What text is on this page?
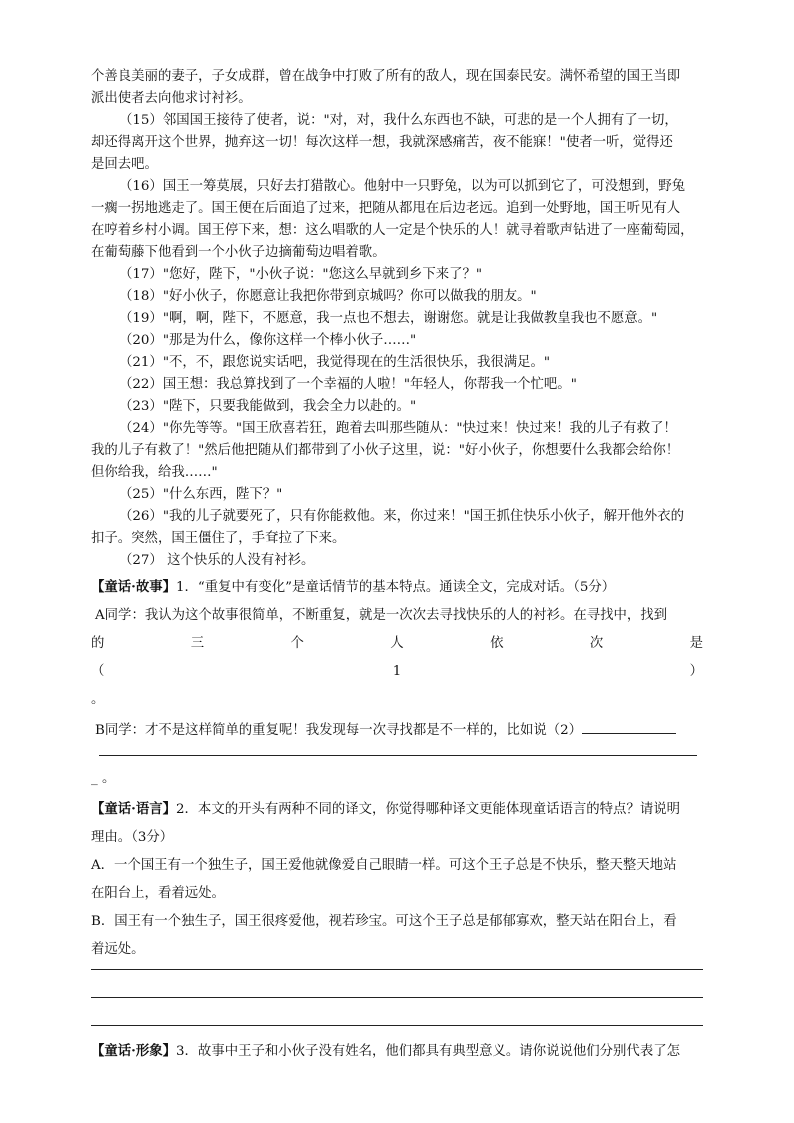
个善良美丽的妻子，子女成群，曾在战争中打败了所有的敌人，现在国泰民安。满怀希望的国王当即
派出使者去向他求讨衬衫。
（15）邻国国王接待了使者，说："对，对，我什么东西也不缺，可悲的是一个人拥有了一切，
却还得离开这个世界，抛弃这一切！每次这样一想，我就深感痛苦，夜不能寐！"使者一听，觉得还
是回去吧。
（16）国王一筹莫展，只好去打猎散心。他射中一只野兔，以为可以抓到它了，可没想到，野兔
一瘸一拐地逃走了。国王便在后面追了过来，把随从都甩在后边老远。追到一处野地，国王听见有人
在哼着乡村小调。国王停下来，想：这么唱歌的人一定是个快乐的人！就寻着歌声钻进了一座葡萄园，
在葡萄藤下他看到一个小伙子边摘葡萄边唱着歌。
（17）"您好，陛下，"小伙子说："您这么早就到乡下来了？"
（18）"好小伙子，你愿意让我把你带到京城吗？你可以做我的朋友。"
（19）"啊，啊，陛下，不愿意，我一点也不想去，谢谢您。就是让我做教皇我也不愿意。"
（20）"那是为什么，像你这样一个棒小伙子……"
（21）"不，不，跟您说实话吧，我觉得现在的生活很快乐，我很满足。"
（22）国王想：我总算找到了一个幸福的人啦！"年轻人，你帮我一个忙吧。"
（23）"陛下，只要我能做到，我会全力以赴的。"
（24）"你先等等。"国王欣喜若狂，跑着去叫那些随从："快过来！快过来！我的儿子有救了！
我的儿子有救了！"然后他把随从们都带到了小伙子这里，说："好小伙子，你想要什么我都会给你！
但你给我，给我……"
（25）"什么东西，陛下？"
（26）"我的儿子就要死了，只有你能救他。来，你过来！"国王抓住快乐小伙子，解开他外衣的
扣子。突然，国王僵住了，手耷拉了下来。
（27） 这个快乐的人没有衬衫。
【童话·故事】1．“重复中有变化”是童话情节的基本特点。通读全文，完成对话。（5分）
A同学：我认为这个故事很简单，不断重复，就是一次次去寻找快乐的人的衬衫。在寻找中，找到
的	三	个	人	依	次	是
（	1	）
。
B同学：才不是这样简单的重复呢！我发现每一次寻找都是不一样的，比如说（2）
_ 。
【童话·语言】2．本文的开头有两种不同的译文，你觉得哪种译文更能体现童话语言的特点？请说明
理由。（3分）
A．一个国王有一个独生子，国王爱他就像爱自己眼睛一样。可这个王子总是不快乐，整天整天地站
在阳台上，看着远处。
B．国王有一个独生子，国王很疼爱他，视若珍宝。可这个王子总是郁郁寡欢，整天站在阳台上，看
着远处。
【童话·形象】3．故事中王子和小伙子没有姓名，他们都具有典型意义。请你说说他们分别代表了怎
